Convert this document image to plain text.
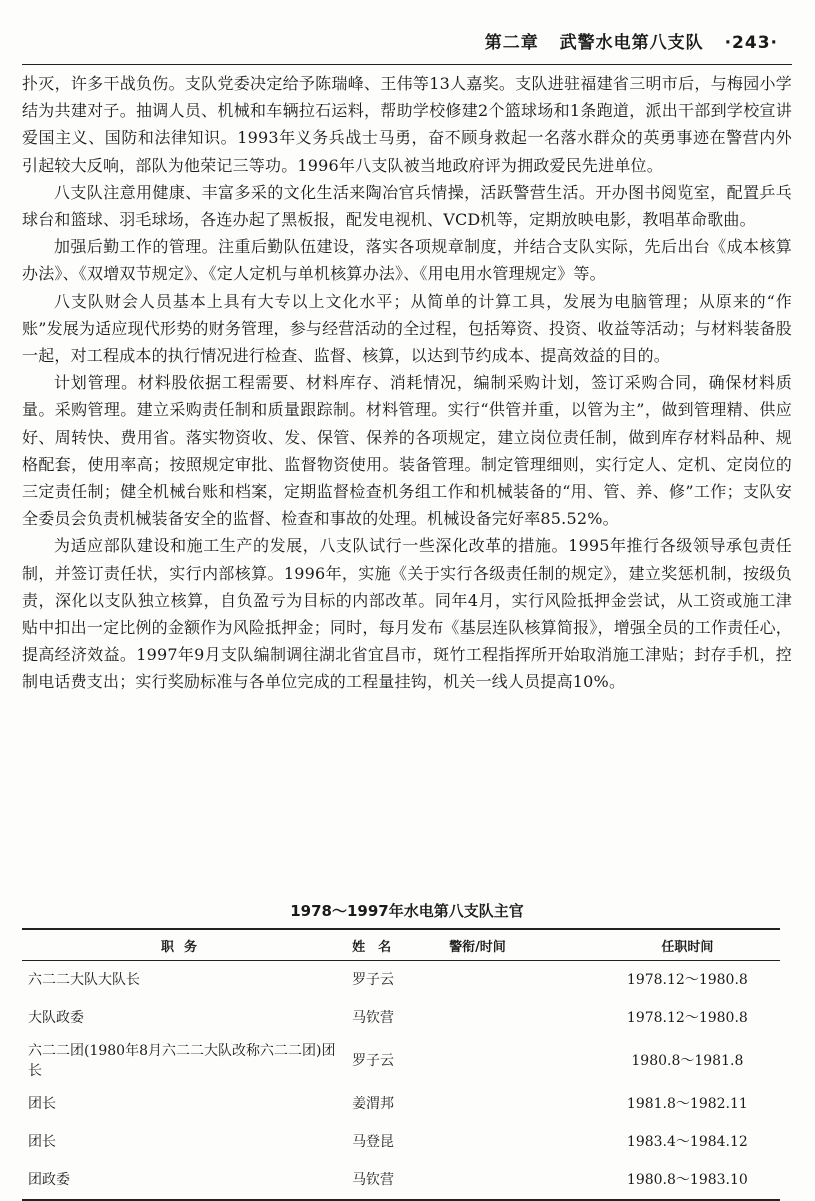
第二章 武警水电第八支队 ·243·

扑灭，许多干战负伤。支队党委决定给予陈瑞峰、王伟等13人嘉奖。支队进驻福建省三明市后，与梅园小学结为共建对子。抽调人员、机械和车辆拉石运料，帮助学校修建2个篮球场和1条跑道，派出干部到学校宣讲爱国主义、国防和法律知识。1993年义务兵战士马勇，奋不顾身救起一名落水群众的英勇事迹在警营内外引起较大反响，部队为他荣记三等功。1996年八支队被当地政府评为拥政爱民先进单位。

八支队注意用健康、丰富多采的文化生活来陶冶官兵情操，活跃警营生活。开办图书阅览室，配置乒乓球台和篮球、羽毛球场，各连办起了黑板报，配发电视机、VCD机等，定期放映电影，教唱革命歌曲。

加强后勤工作的管理。注重后勤队伍建设，落实各项规章制度，并结合支队实际，先后出台《成本核算办法》、《双增双节规定》、《定人定机与单机核算办法》、《用电用水管理规定》等。

八支队财会人员基本上具有大专以上文化水平；从简单的计算工具，发展为电脑管理；从原来的“作账”发展为适应现代形势的财务管理，参与经营活动的全过程，包括筹资、投资、收益等活动；与材料装备股一起，对工程成本的执行情况进行检查、监督、核算，以达到节约成本、提高效益的目的。

计划管理。材料股依据工程需要、材料库存、消耗情况，编制采购计划，签订采购合同，确保材料质量。采购管理。建立采购责任制和质量跟踪制。材料管理。实行“供管并重，以管为主”，做到管理精、供应好、周转快、费用省。落实物资收、发、保管、保养的各项规定，建立岗位责任制，做到库存材料品种、规格配套，使用率高；按照规定审批、监督物资使用。装备管理。制定管理细则，实行定人、定机、定岗位的三定责任制；健全机械台账和档案，定期监督检查机务组工作和机械装备的“用、管、养、修”工作；支队安全委员会负责机械装备安全的监督、检查和事故的处理。机械设备完好率85.52%。

为适应部队建设和施工生产的发展，八支队试行一些深化改革的措施。1995年推行各级领导承包责任制，并签订责任状，实行内部核算。1996年，实施《关于实行各级责任制的规定》，建立奖惩机制，按级负责，深化以支队独立核算，自负盈亏为目标的内部改革。同年4月，实行风险抵押金尝试，从工资或施工津贴中扣出一定比例的金额作为风险抵押金；同时，每月发布《基层连队核算简报》，增强全员的工作责任心，提高经济效益。1997年9月支队编制调往湖北省宜昌市，斑竹工程指挥所开始取消施工津贴；封存手机，控制电话费支出；实行奖励标准与各单位完成的工程量挂钩，机关一线人员提高10%。

1978～1997年水电第八支队主官
职务	姓　名	警衔/时间	任职时间
六二二大队大队长	罗子云		1978.12～1980.8
大队政委	马钦营		1978.12～1980.8
六二二团(1980年8月六二二大队改称六二二团)团长	罗子云		1980.8～1981.8
团长	姜渭邦		1981.8～1982.11
团长	马登昆		1983.4～1984.12
团政委	马钦营		1980.8～1983.10
